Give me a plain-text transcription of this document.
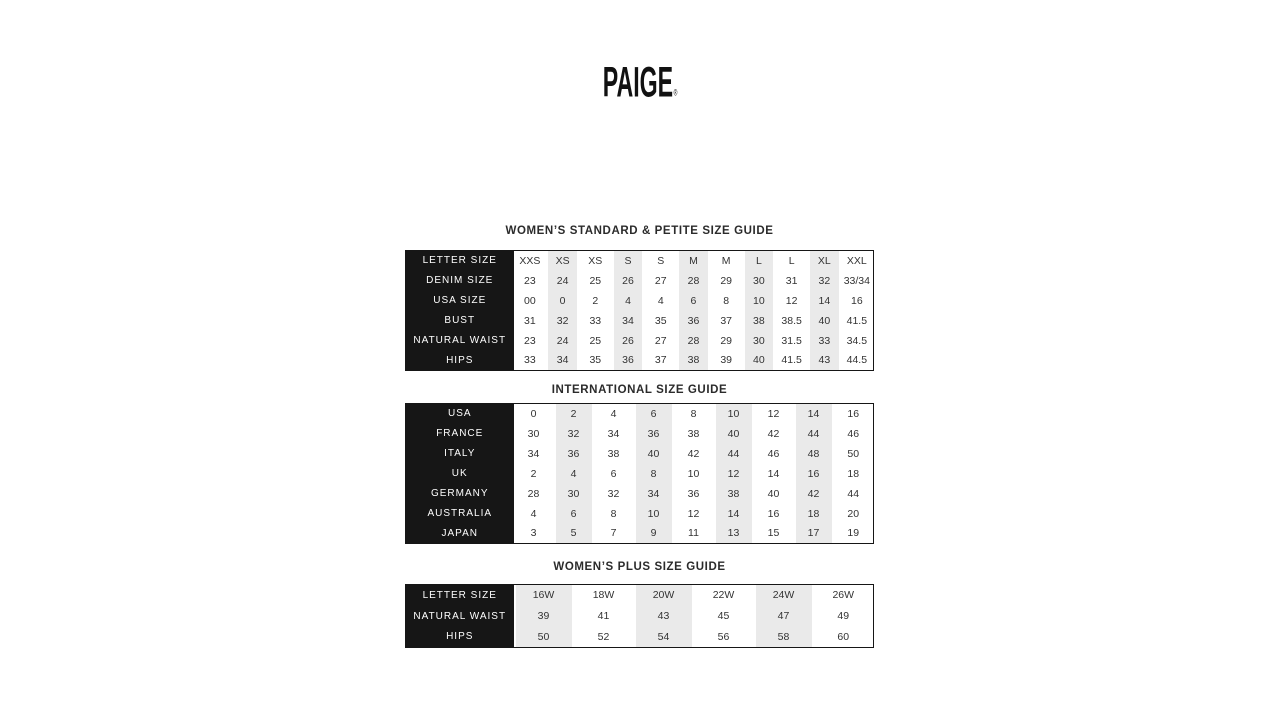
PAIGE®
WOMEN’S STANDARD & PETITE SIZE GUIDE
LETTER SIZE	XXS	XS	XS	S	S	M	M	L	L	XL	XXL
DENIM SIZE	23	24	25	26	27	28	29	30	31	32	33/34
USA SIZE	00	0	2	4	4	6	8	10	12	14	16
BUST	31	32	33	34	35	36	37	38	38.5	40	41.5
NATURAL WAIST	23	24	25	26	27	28	29	30	31.5	33	34.5
HIPS	33	34	35	36	37	38	39	40	41.5	43	44.5
INTERNATIONAL SIZE GUIDE
USA	0	2	4	6	8	10	12	14	16
FRANCE	30	32	34	36	38	40	42	44	46
ITALY	34	36	38	40	42	44	46	48	50
UK	2	4	6	8	10	12	14	16	18
GERMANY	28	30	32	34	36	38	40	42	44
AUSTRALIA	4	6	8	10	12	14	16	18	20
JAPAN	3	5	7	9	11	13	15	17	19
WOMEN’S PLUS SIZE GUIDE
LETTER SIZE	16W	18W	20W	22W	24W	26W
NATURAL WAIST	39	41	43	45	47	49
HIPS	50	52	54	56	58	60
